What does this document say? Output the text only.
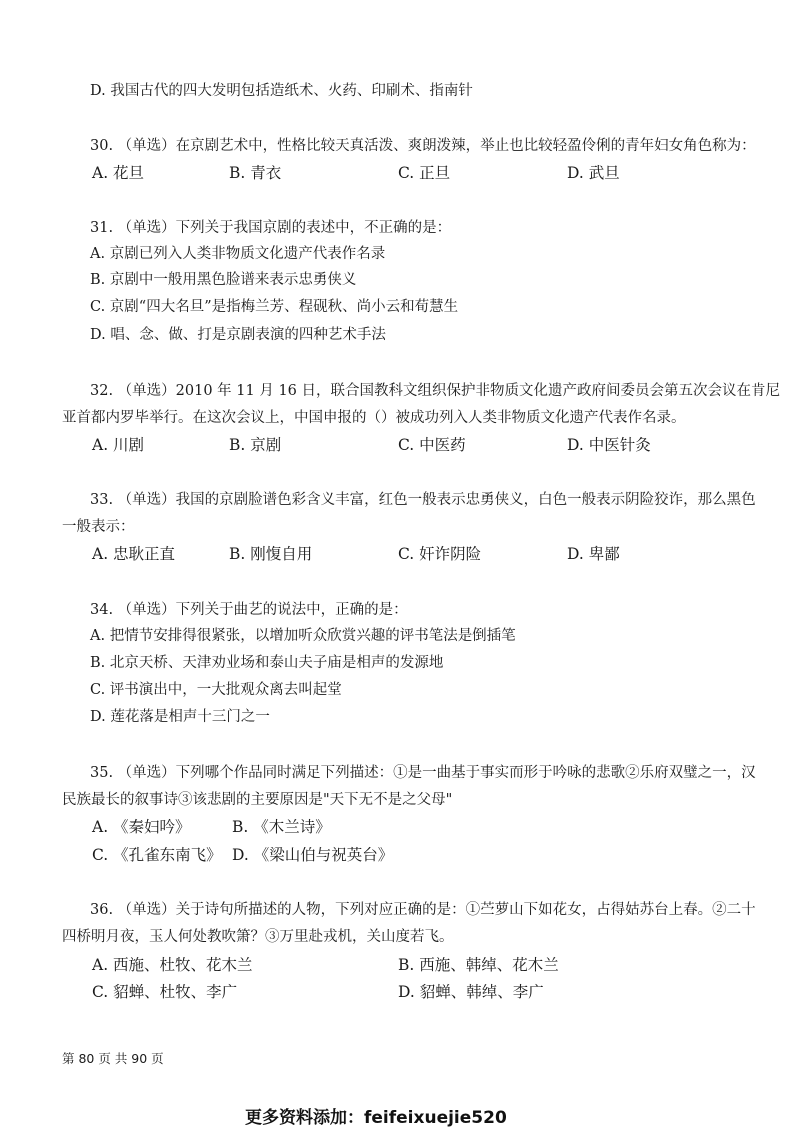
D. 我国古代的四大发明包括造纸术、火药、印刷术、指南针
30. （单选）在京剧艺术中，性格比较天真活泼、爽朗泼辣，举止也比较轻盈伶俐的青年妇女角色称为：
A. 花旦	B. 青衣	C. 正旦	D. 武旦
31. （单选）下列关于我国京剧的表述中，不正确的是：
A. 京剧已列入人类非物质文化遗产代表作名录
B. 京剧中一般用黑色脸谱来表示忠勇侠义
C. 京剧“四大名旦”是指梅兰芳、程砚秋、尚小云和荀慧生
D. 唱、念、做、打是京剧表演的四种艺术手法
32. （单选）2010 年 11 月 16 日，联合国教科文组织保护非物质文化遗产政府间委员会第五次会议在肯尼
亚首都内罗毕举行。在这次会议上，中国申报的（）被成功列入人类非物质文化遗产代表作名录。
A. 川剧	B. 京剧	C. 中医药	D. 中医针灸
33. （单选）我国的京剧脸谱色彩含义丰富，红色一般表示忠勇侠义，白色一般表示阴险狡诈，那么黑色
一般表示：
A. 忠耿正直	B. 刚愎自用	C. 奸诈阴险	D. 卑鄙
34. （单选）下列关于曲艺的说法中，正确的是：
A. 把情节安排得很紧张，以增加听众欣赏兴趣的评书笔法是倒插笔
B. 北京天桥、天津劝业场和泰山夫子庙是相声的发源地
C. 评书演出中，一大批观众离去叫起堂
D. 莲花落是相声十三门之一
35. （单选）下列哪个作品同时满足下列描述：①是一曲基于事实而形于吟咏的悲歌②乐府双璧之一，汉
民族最长的叙事诗③该悲剧的主要原因是"天下无不是之父母"
A. 《秦妇吟》	B. 《木兰诗》
C. 《孔雀东南飞》 D. 《梁山伯与祝英台》
36. （单选）关于诗句所描述的人物，下列对应正确的是：①苎萝山下如花女，占得姑苏台上春。②二十
四桥明月夜，玉人何处教吹箫？③万里赴戎机，关山度若飞。
A. 西施、杜牧、花木兰	B. 西施、韩绰、花木兰
C. 貂蝉、杜牧、李广	D. 貂蝉、韩绰、李广
第 80 页 共 90 页
更多资料添加：feifeixuejie520
